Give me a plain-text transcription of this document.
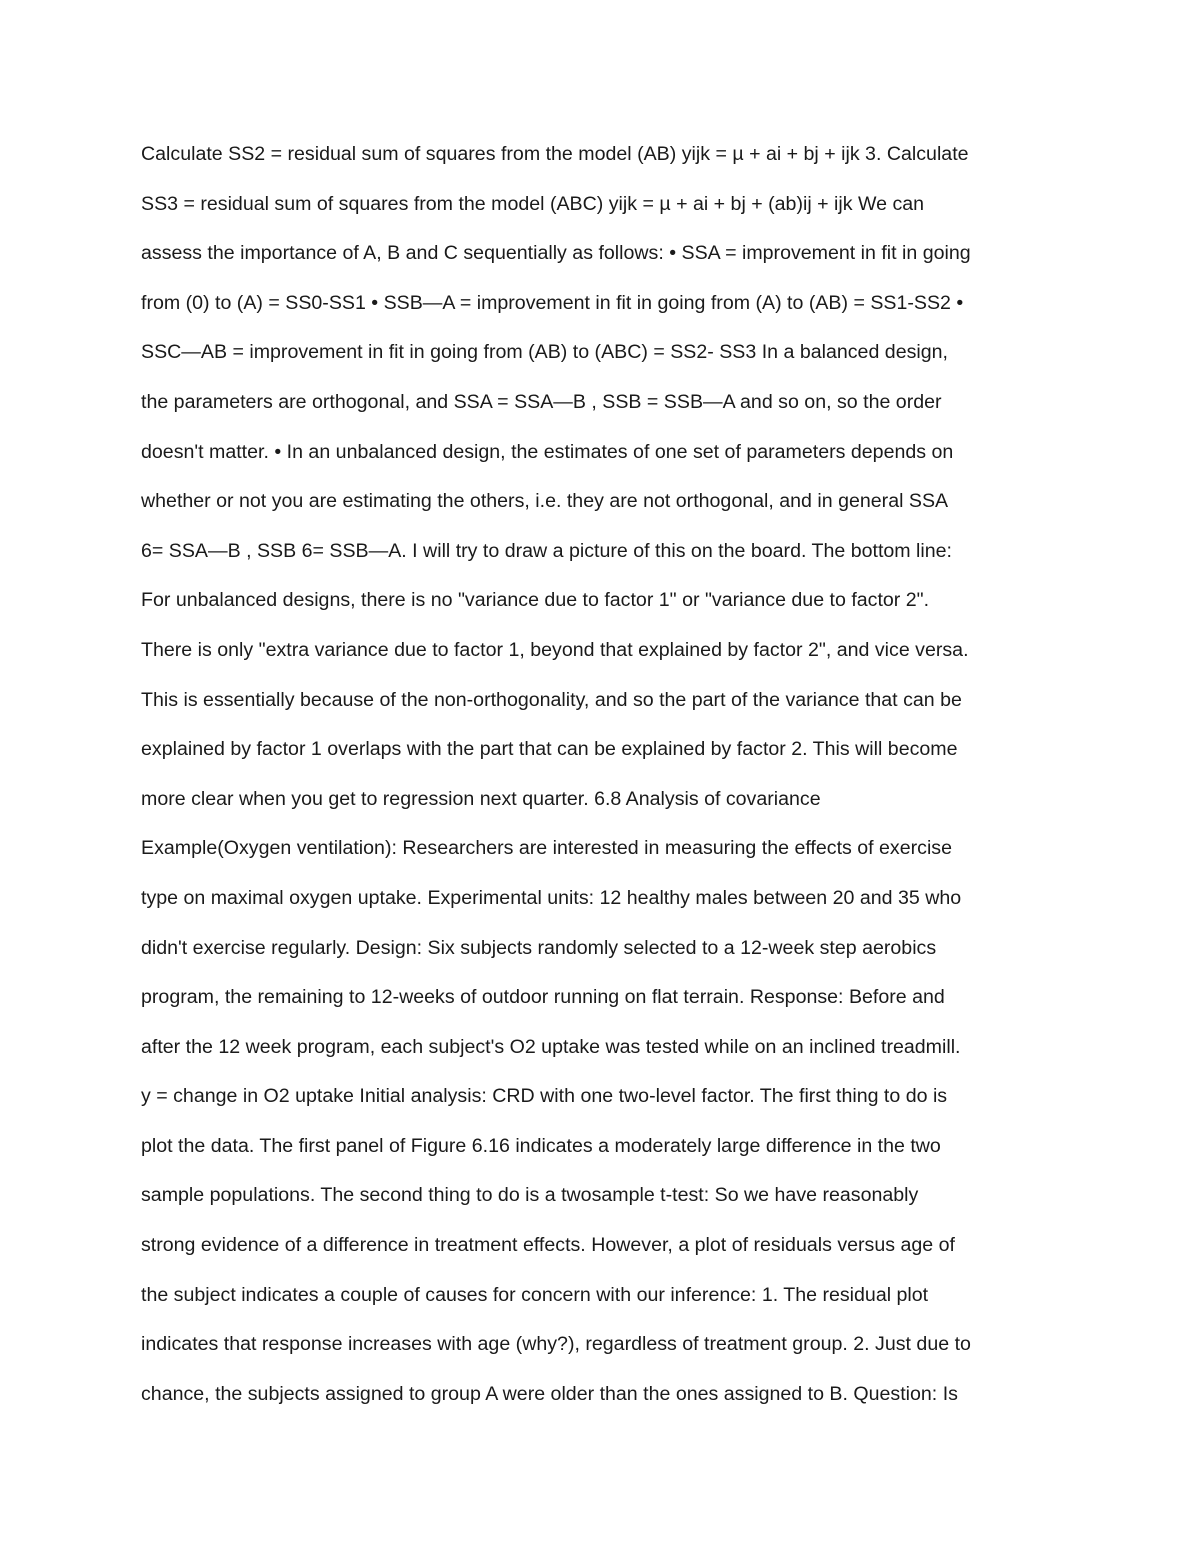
Calculate SS2 = residual sum of squares from the model (AB) yijk = µ + ai + bj + ijk 3. Calculate
SS3 = residual sum of squares from the model (ABC) yijk = µ + ai + bj + (ab)ij + ijk We can
assess the importance of A, B and C sequentially as follows: • SSA = improvement in fit in going
from (0) to (A) = SS0-SS1 • SSB—A = improvement in fit in going from (A) to (AB) = SS1-SS2 •
SSC—AB = improvement in fit in going from (AB) to (ABC) = SS2- SS3 In a balanced design,
the parameters are orthogonal, and SSA = SSA—B , SSB = SSB—A and so on, so the order
doesn't matter. • In an unbalanced design, the estimates of one set of parameters depends on
whether or not you are estimating the others, i.e. they are not orthogonal, and in general SSA
6= SSA—B , SSB 6= SSB—A. I will try to draw a picture of this on the board. The bottom line:
For unbalanced designs, there is no "variance due to factor 1" or "variance due to factor 2".
There is only "extra variance due to factor 1, beyond that explained by factor 2", and vice versa.
This is essentially because of the non-orthogonality, and so the part of the variance that can be
explained by factor 1 overlaps with the part that can be explained by factor 2. This will become
more clear when you get to regression next quarter. 6.8 Analysis of covariance
Example(Oxygen ventilation): Researchers are interested in measuring the effects of exercise
type on maximal oxygen uptake. Experimental units: 12 healthy males between 20 and 35 who
didn't exercise regularly. Design: Six subjects randomly selected to a 12-week step aerobics
program, the remaining to 12-weeks of outdoor running on flat terrain. Response: Before and
after the 12 week program, each subject's O2 uptake was tested while on an inclined treadmill.
y = change in O2 uptake Initial analysis: CRD with one two-level factor. The first thing to do is
plot the data. The first panel of Figure 6.16 indicates a moderately large difference in the two
sample populations. The second thing to do is a twosample t-test: So we have reasonably
strong evidence of a difference in treatment effects. However, a plot of residuals versus age of
the subject indicates a couple of causes for concern with our inference: 1. The residual plot
indicates that response increases with age (why?), regardless of treatment group. 2. Just due to
chance, the subjects assigned to group A were older than the ones assigned to B. Question: Is
